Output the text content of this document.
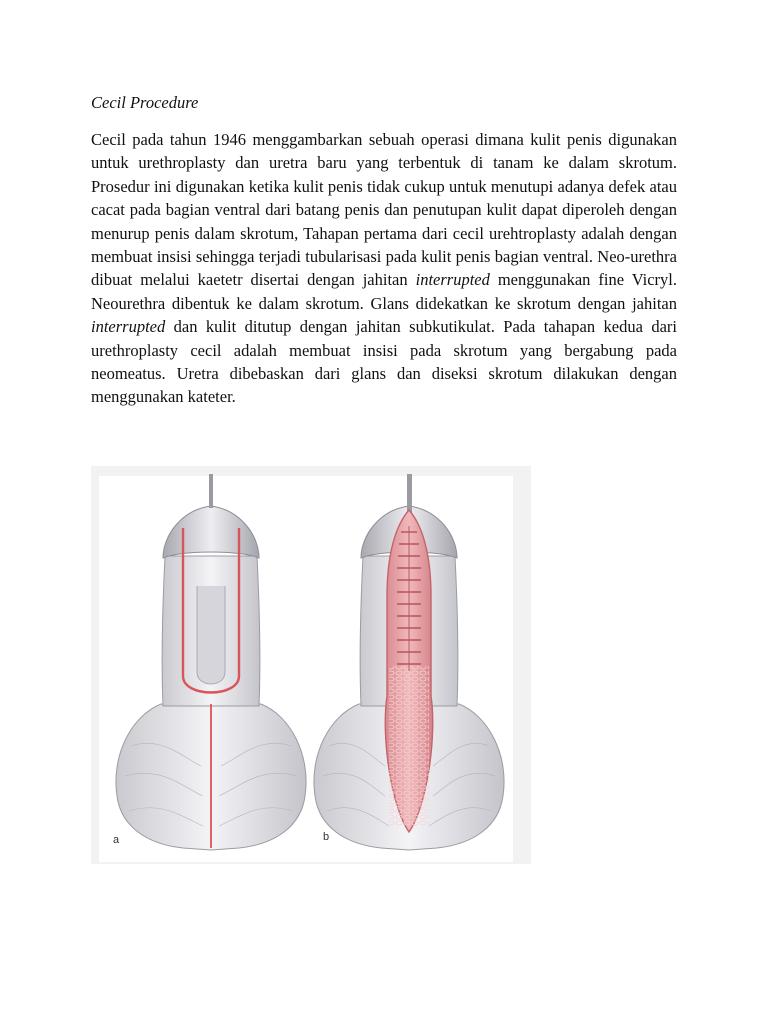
Cecil Procedure

Cecil pada tahun 1946 menggambarkan sebuah operasi dimana kulit penis digunakan untuk urethroplasty dan uretra baru yang terbentuk di tanam ke dalam skrotum. Prosedur ini digunakan ketika kulit penis tidak cukup untuk menutupi adanya defek atau cacat pada bagian ventral dari batang penis dan penutupan kulit dapat diperoleh dengan menurup penis dalam skrotum, Tahapan pertama dari cecil urehtroplasty adalah dengan membuat insisi sehingga terjadi tubularisasi pada kulit penis bagian ventral. Neo-urethra dibuat melalui kaetetr disertai dengan jahitan interrupted menggunakan fine Vicryl. Neourethra dibentuk ke dalam skrotum. Glans didekatkan ke skrotum dengan jahitan interrupted dan kulit ditutup dengan jahitan subkutikulat. Pada tahapan kedua dari urethroplasty cecil adalah membuat insisi pada skrotum yang bergabung pada neomeatus. Uretra dibebaskan dari glans dan diseksi skrotum dilakukan dengan menggunakan kateter.

a	b
